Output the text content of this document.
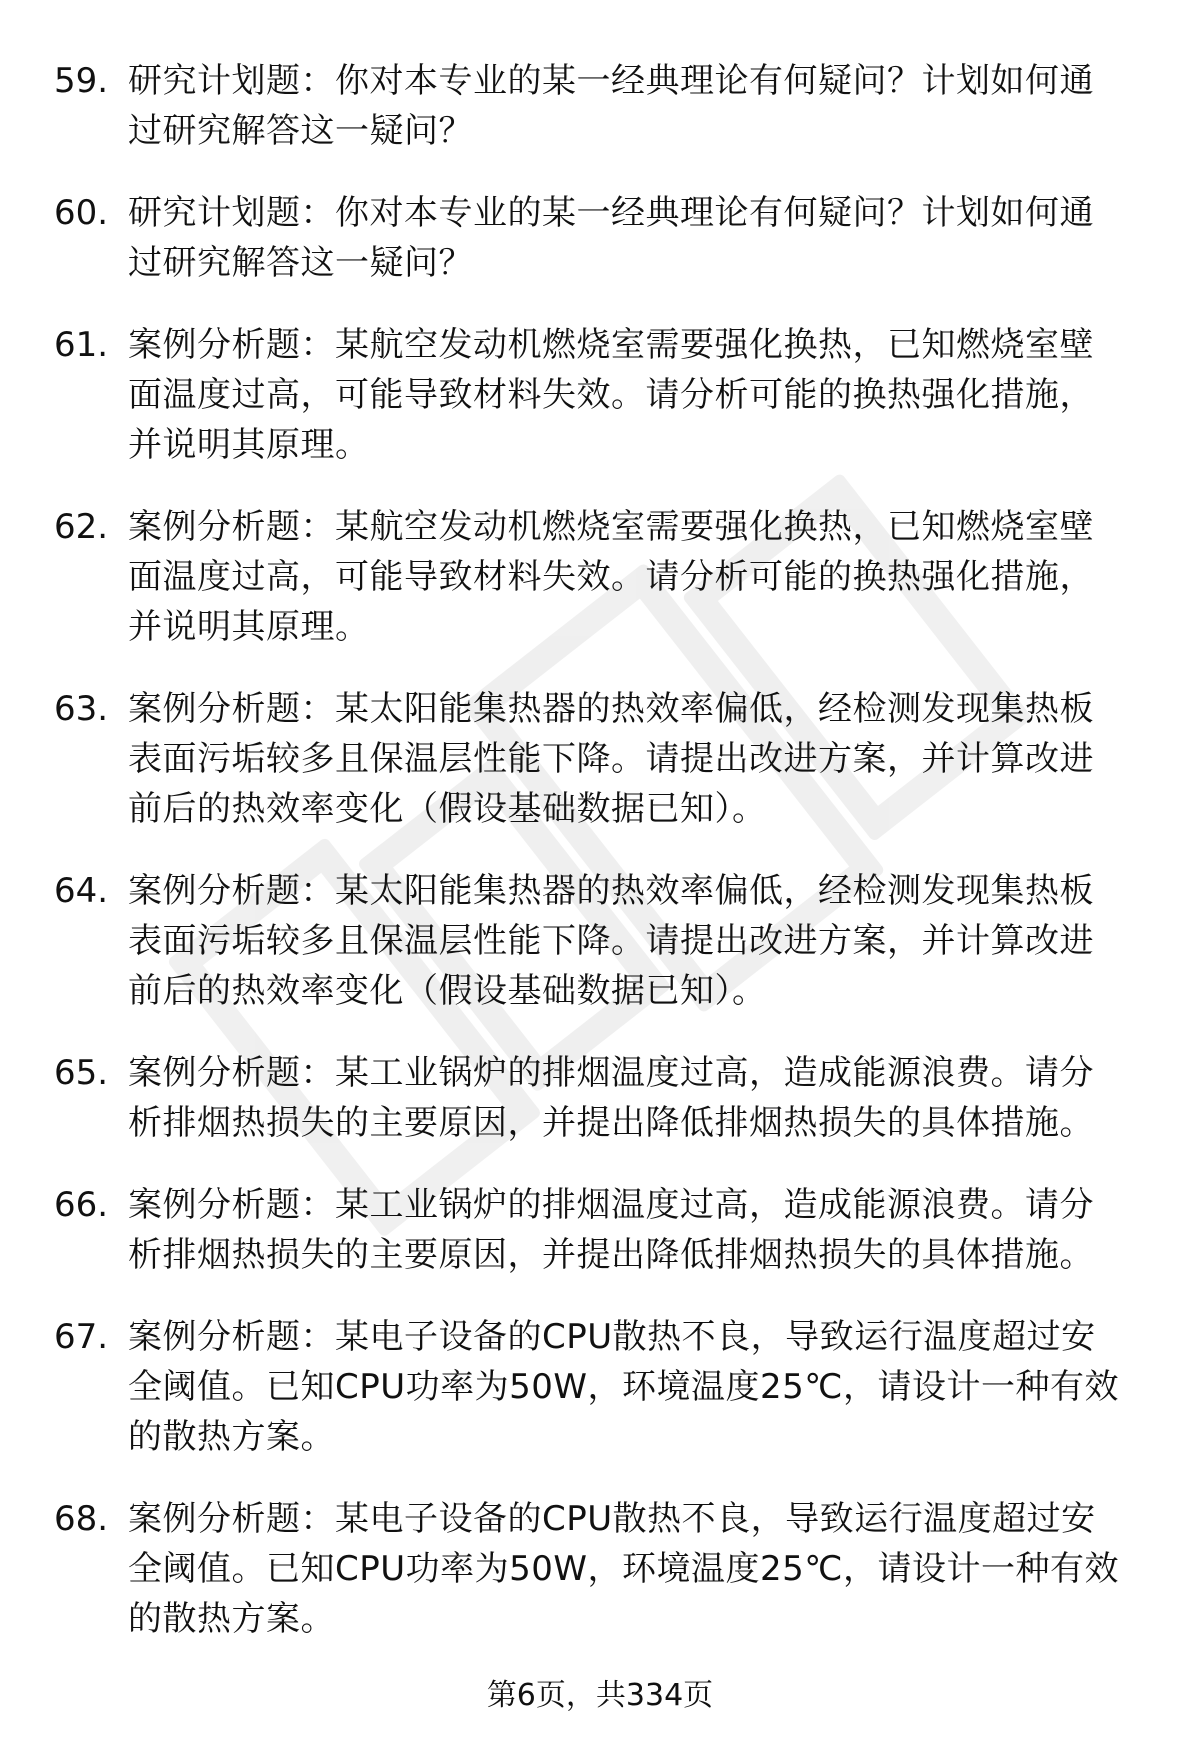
59. 研究计划题：你对本专业的某一经典理论有何疑问？计划如何通
过研究解答这一疑问？
60. 研究计划题：你对本专业的某一经典理论有何疑问？计划如何通
过研究解答这一疑问？
61. 案例分析题：某航空发动机燃烧室需要强化换热，已知燃烧室壁
面温度过高，可能导致材料失效。请分析可能的换热强化措施，
并说明其原理。
62. 案例分析题：某航空发动机燃烧室需要强化换热，已知燃烧室壁
面温度过高，可能导致材料失效。请分析可能的换热强化措施，
并说明其原理。
63. 案例分析题：某太阳能集热器的热效率偏低，经检测发现集热板
表面污垢较多且保温层性能下降。请提出改进方案，并计算改进
前后的热效率变化（假设基础数据已知）。
64. 案例分析题：某太阳能集热器的热效率偏低，经检测发现集热板
表面污垢较多且保温层性能下降。请提出改进方案，并计算改进
前后的热效率变化（假设基础数据已知）。
65. 案例分析题：某工业锅炉的排烟温度过高，造成能源浪费。请分
析排烟热损失的主要原因，并提出降低排烟热损失的具体措施。
66. 案例分析题：某工业锅炉的排烟温度过高，造成能源浪费。请分
析排烟热损失的主要原因，并提出降低排烟热损失的具体措施。
67. 案例分析题：某电子设备的CPU散热不良，导致运行温度超过安
全阈值。已知CPU功率为50W，环境温度25℃，请设计一种有效
的散热方案。
68. 案例分析题：某电子设备的CPU散热不良，导致运行温度超过安
全阈值。已知CPU功率为50W，环境温度25℃，请设计一种有效
的散热方案。
第6页，共334页
